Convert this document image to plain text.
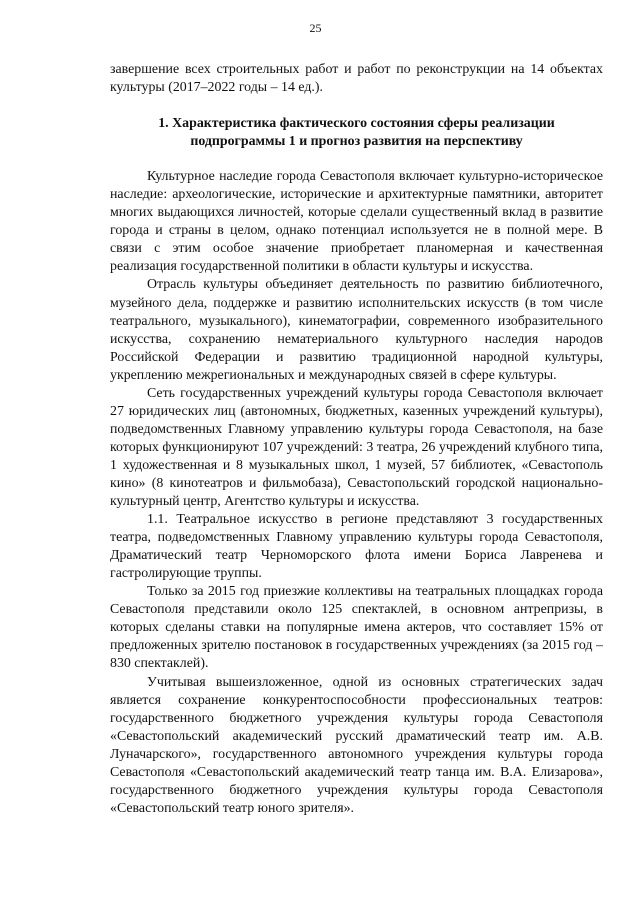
25

завершение всех строительных работ и работ по реконструкции на 14 объектах культуры (2017–2022 годы – 14 ед.).

1. Характеристика фактического состояния сферы реализации
подпрограммы 1 и прогноз развития на перспективу

Культурное наследие города Севастополя включает культурно-историческое наследие: археологические, исторические и архитектурные памятники, авторитет многих выдающихся личностей, которые сделали существенный вклад в развитие города и страны в целом, однако потенциал используется не в полной мере. В связи с этим особое значение приобретает планомерная и качественная реализация государственной политики в области культуры и искусства.

Отрасль культуры объединяет деятельность по развитию библиотечного, музейного дела, поддержке и развитию исполнительских искусств (в том числе театрального, музыкального), кинематографии, современного изобразительного искусства, сохранению нематериального культурного наследия народов Российской Федерации и развитию традиционной народной культуры, укреплению межрегиональных и международных связей в сфере культуры.

Сеть государственных учреждений культуры города Севастополя включает 27 юридических лиц (автономных, бюджетных, казенных учреждений культуры), подведомственных Главному управлению культуры города Севастополя, на базе которых функционируют 107 учреждений: 3 театра, 26 учреждений клубного типа, 1 художественная и 8 музыкальных школ, 1 музей, 57 библиотек, «Севастополь кино» (8 кинотеатров и фильмобаза), Севастопольский городской национально-культурный центр, Агентство культуры и искусства.

1.1. Театральное искусство в регионе представляют 3 государственных театра, подведомственных Главному управлению культуры города Севастополя, Драматический театр Черноморского флота имени Бориса Лавренева и гастролирующие труппы.

Только за 2015 год приезжие коллективы на театральных площадках города Севастополя представили около 125 спектаклей, в основном антрепризы, в которых сделаны ставки на популярные имена актеров, что составляет 15% от предложенных зрителю постановок в государственных учреждениях (за 2015 год – 830 спектаклей).

Учитывая вышеизложенное, одной из основных стратегических задач является сохранение конкурентоспособности профессиональных театров: государственного бюджетного учреждения культуры города Севастополя «Севастопольский академический русский драматический театр им. А.В. Луначарского», государственного автономного учреждения культуры города Севастополя «Севастопольский академический театр танца им. В.А. Елизарова», государственного бюджетного учреждения культуры города Севастополя «Севастопольский театр юного зрителя».
